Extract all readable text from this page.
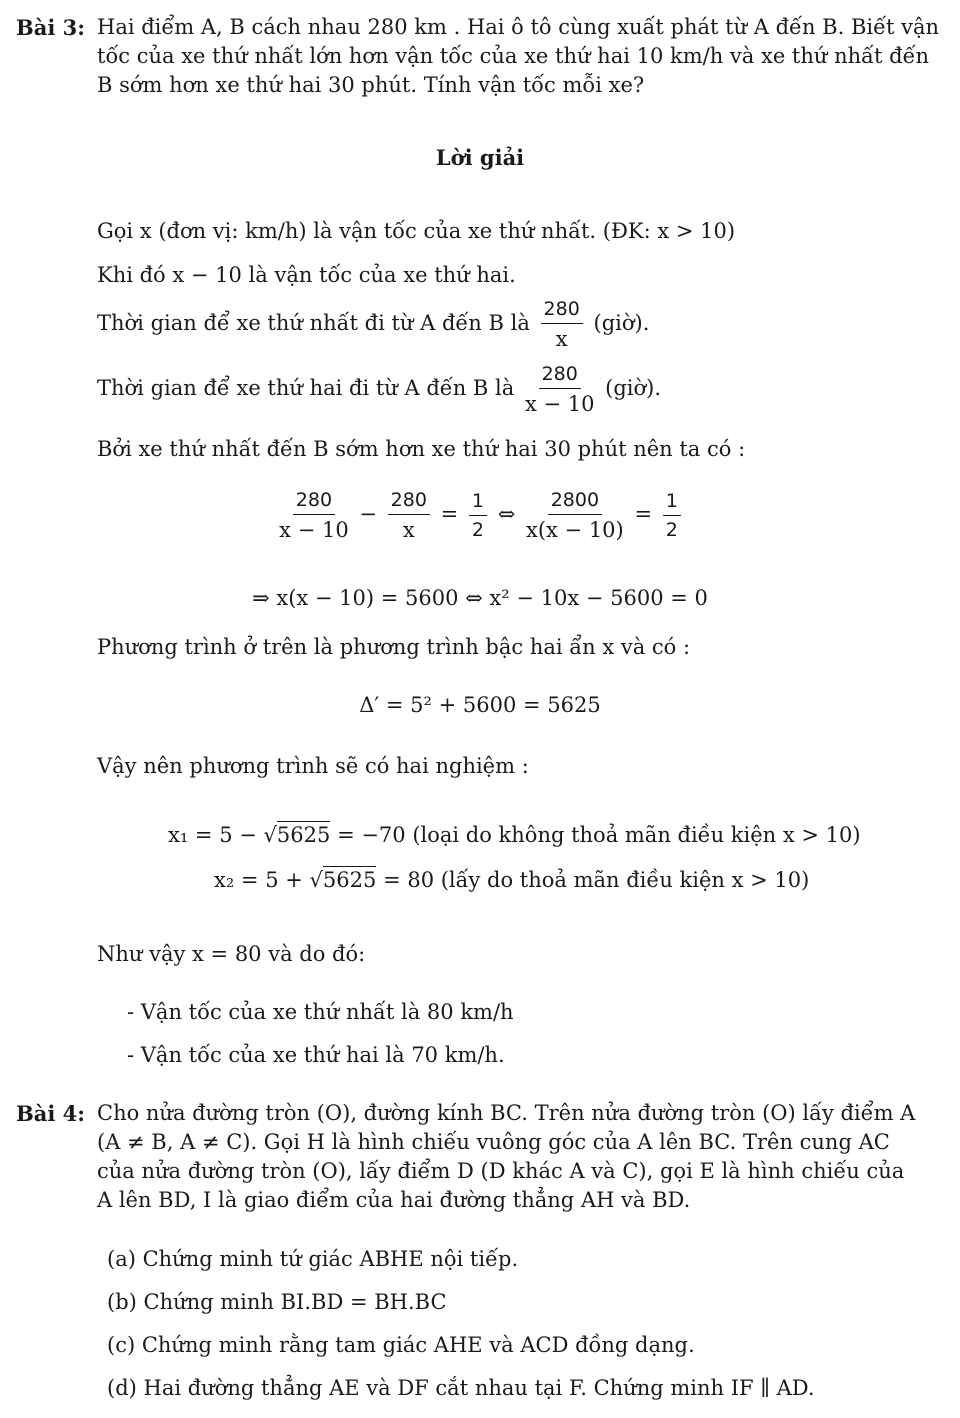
Bài 3: Hai điểm A, B cách nhau 280 km . Hai ô tô cùng xuất phát từ A đến B. Biết vận
tốc của xe thứ nhất lớn hơn vận tốc của xe thứ hai 10 km/h và xe thứ nhất đến
B sớm hơn xe thứ hai 30 phút. Tính vận tốc mỗi xe?
Lời giải
Gọi x (đơn vị: km/h) là vận tốc của xe thứ nhất. (ĐK: x > 10)
Khi đó x − 10 là vận tốc của xe thứ hai.
Thời gian để xe thứ nhất đi từ A đến B là $\frac{280}{x}$ (giờ).
Thời gian để xe thứ hai đi từ A đến B là $\frac{280}{x - 10}$ (giờ).
Bởi xe thứ nhất đến B sớm hơn xe thứ hai 30 phút nên ta có :
$\frac{280}{x - 10} - \frac{280}{x} = \frac{1}{2}$ ⇔ $\frac{2800}{x(x - 10)} = \frac{1}{2}$
⇒ x(x − 10) = 5600 ⇔ x² − 10x − 5600 = 0
Phương trình ở trên là phương trình bậc hai ẩn x và có :
Δ′ = 5² + 5600 = 5625
Vậy nên phương trình sẽ có hai nghiệm :
x₁ = 5 − √5625 = −70 (loại do không thoả mãn điều kiện x > 10)
x₂ = 5 + √5625 = 80 (lấy do thoả mãn điều kiện x > 10)
Như vậy x = 80 và do đó:
- Vận tốc của xe thứ nhất là 80 km/h
- Vận tốc của xe thứ hai là 70 km/h.
Bài 4: Cho nửa đường tròn (O), đường kính BC. Trên nửa đường tròn (O) lấy điểm A
(A ≠ B, A ≠ C). Gọi H là hình chiếu vuông góc của A lên BC. Trên cung AC
của nửa đường tròn (O), lấy điểm D (D khác A và C), gọi E là hình chiếu của
A lên BD, I là giao điểm của hai đường thẳng AH và BD.
(a) Chứng minh tứ giác ABHE nội tiếp.
(b) Chứng minh BI.BD = BH.BC
(c) Chứng minh rằng tam giác AHE và ACD đồng dạng.
(d) Hai đường thẳng AE và DF cắt nhau tại F. Chứng minh IF ∥ AD.
